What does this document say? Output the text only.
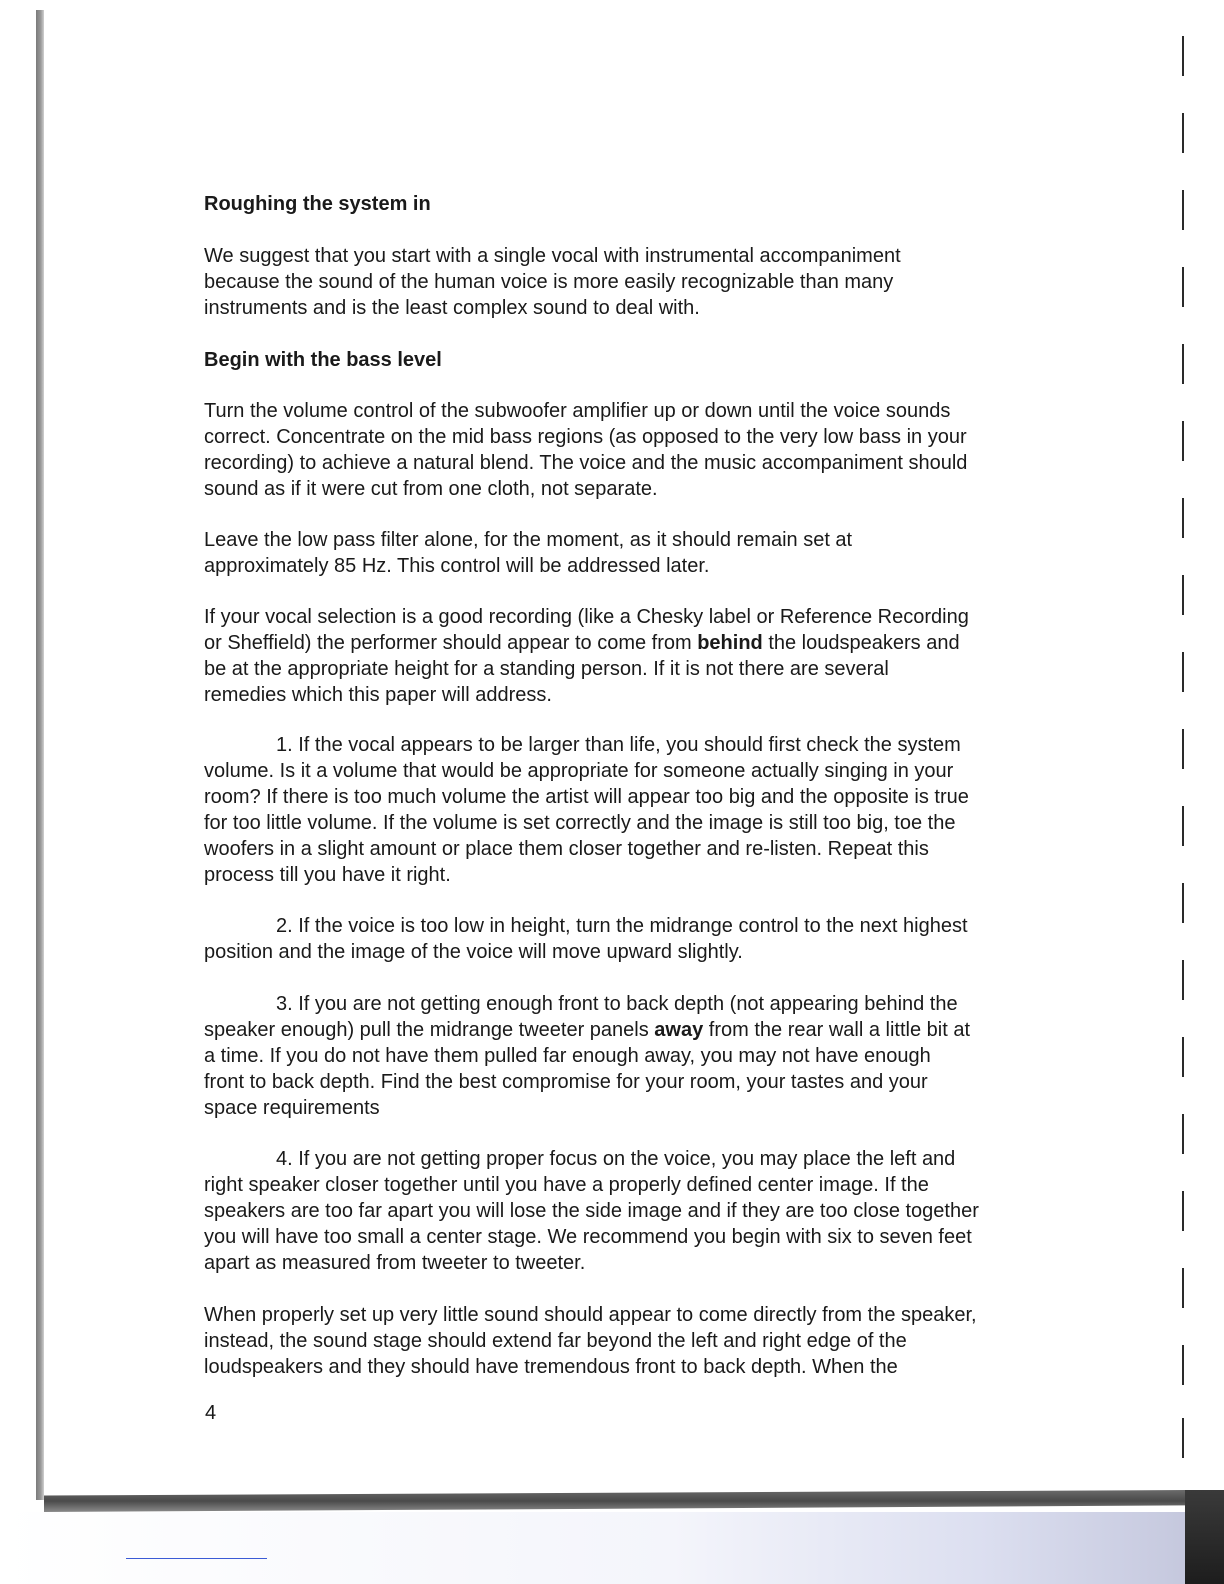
Roughing the system in
We suggest that you start with a single vocal with instrumental accompaniment
because the sound of the human voice is more easily recognizable than many
instruments and is the least complex sound to deal with.
Begin with the bass level
Turn the volume control of the subwoofer amplifier up or down until the voice sounds
correct. Concentrate on the mid bass regions (as opposed to the very low bass in your
recording) to achieve a natural blend. The voice and the music accompaniment should
sound as if it were cut from one cloth, not separate.
Leave the low pass filter alone, for the moment, as it should remain set at
approximately 85 Hz. This control will be addressed later.
If your vocal selection is a good recording (like a Chesky label or Reference Recording
or Sheffield) the performer should appear to come from behind the loudspeakers and
be at the appropriate height for a standing person. If it is not there are several
remedies which this paper will address.
1. If the vocal appears to be larger than life, you should first check the system
volume. Is it a volume that would be appropriate for someone actually singing in your
room? If there is too much volume the artist will appear too big and the opposite is true
for too little volume. If the volume is set correctly and the image is still too big, toe the
woofers in a slight amount or place them closer together and re-listen. Repeat this
process till you have it right.
2. If the voice is too low in height, turn the midrange control to the next highest
position and the image of the voice will move upward slightly.
3. If you are not getting enough front to back depth (not appearing behind the
speaker enough) pull the midrange tweeter panels away from the rear wall a little bit at
a time. If you do not have them pulled far enough away, you may not have enough
front to back depth. Find the best compromise for your room, your tastes and your
space requirements
4. If you are not getting proper focus on the voice, you may place the left and
right speaker closer together until you have a properly defined center image. If the
speakers are too far apart you will lose the side image and if they are too close together
you will have too small a center stage. We recommend you begin with six to seven feet
apart as measured from tweeter to tweeter.
When properly set up very little sound should appear to come directly from the speaker,
instead, the sound stage should extend far beyond the left and right edge of the
loudspeakers and they should have tremendous front to back depth. When the
4
